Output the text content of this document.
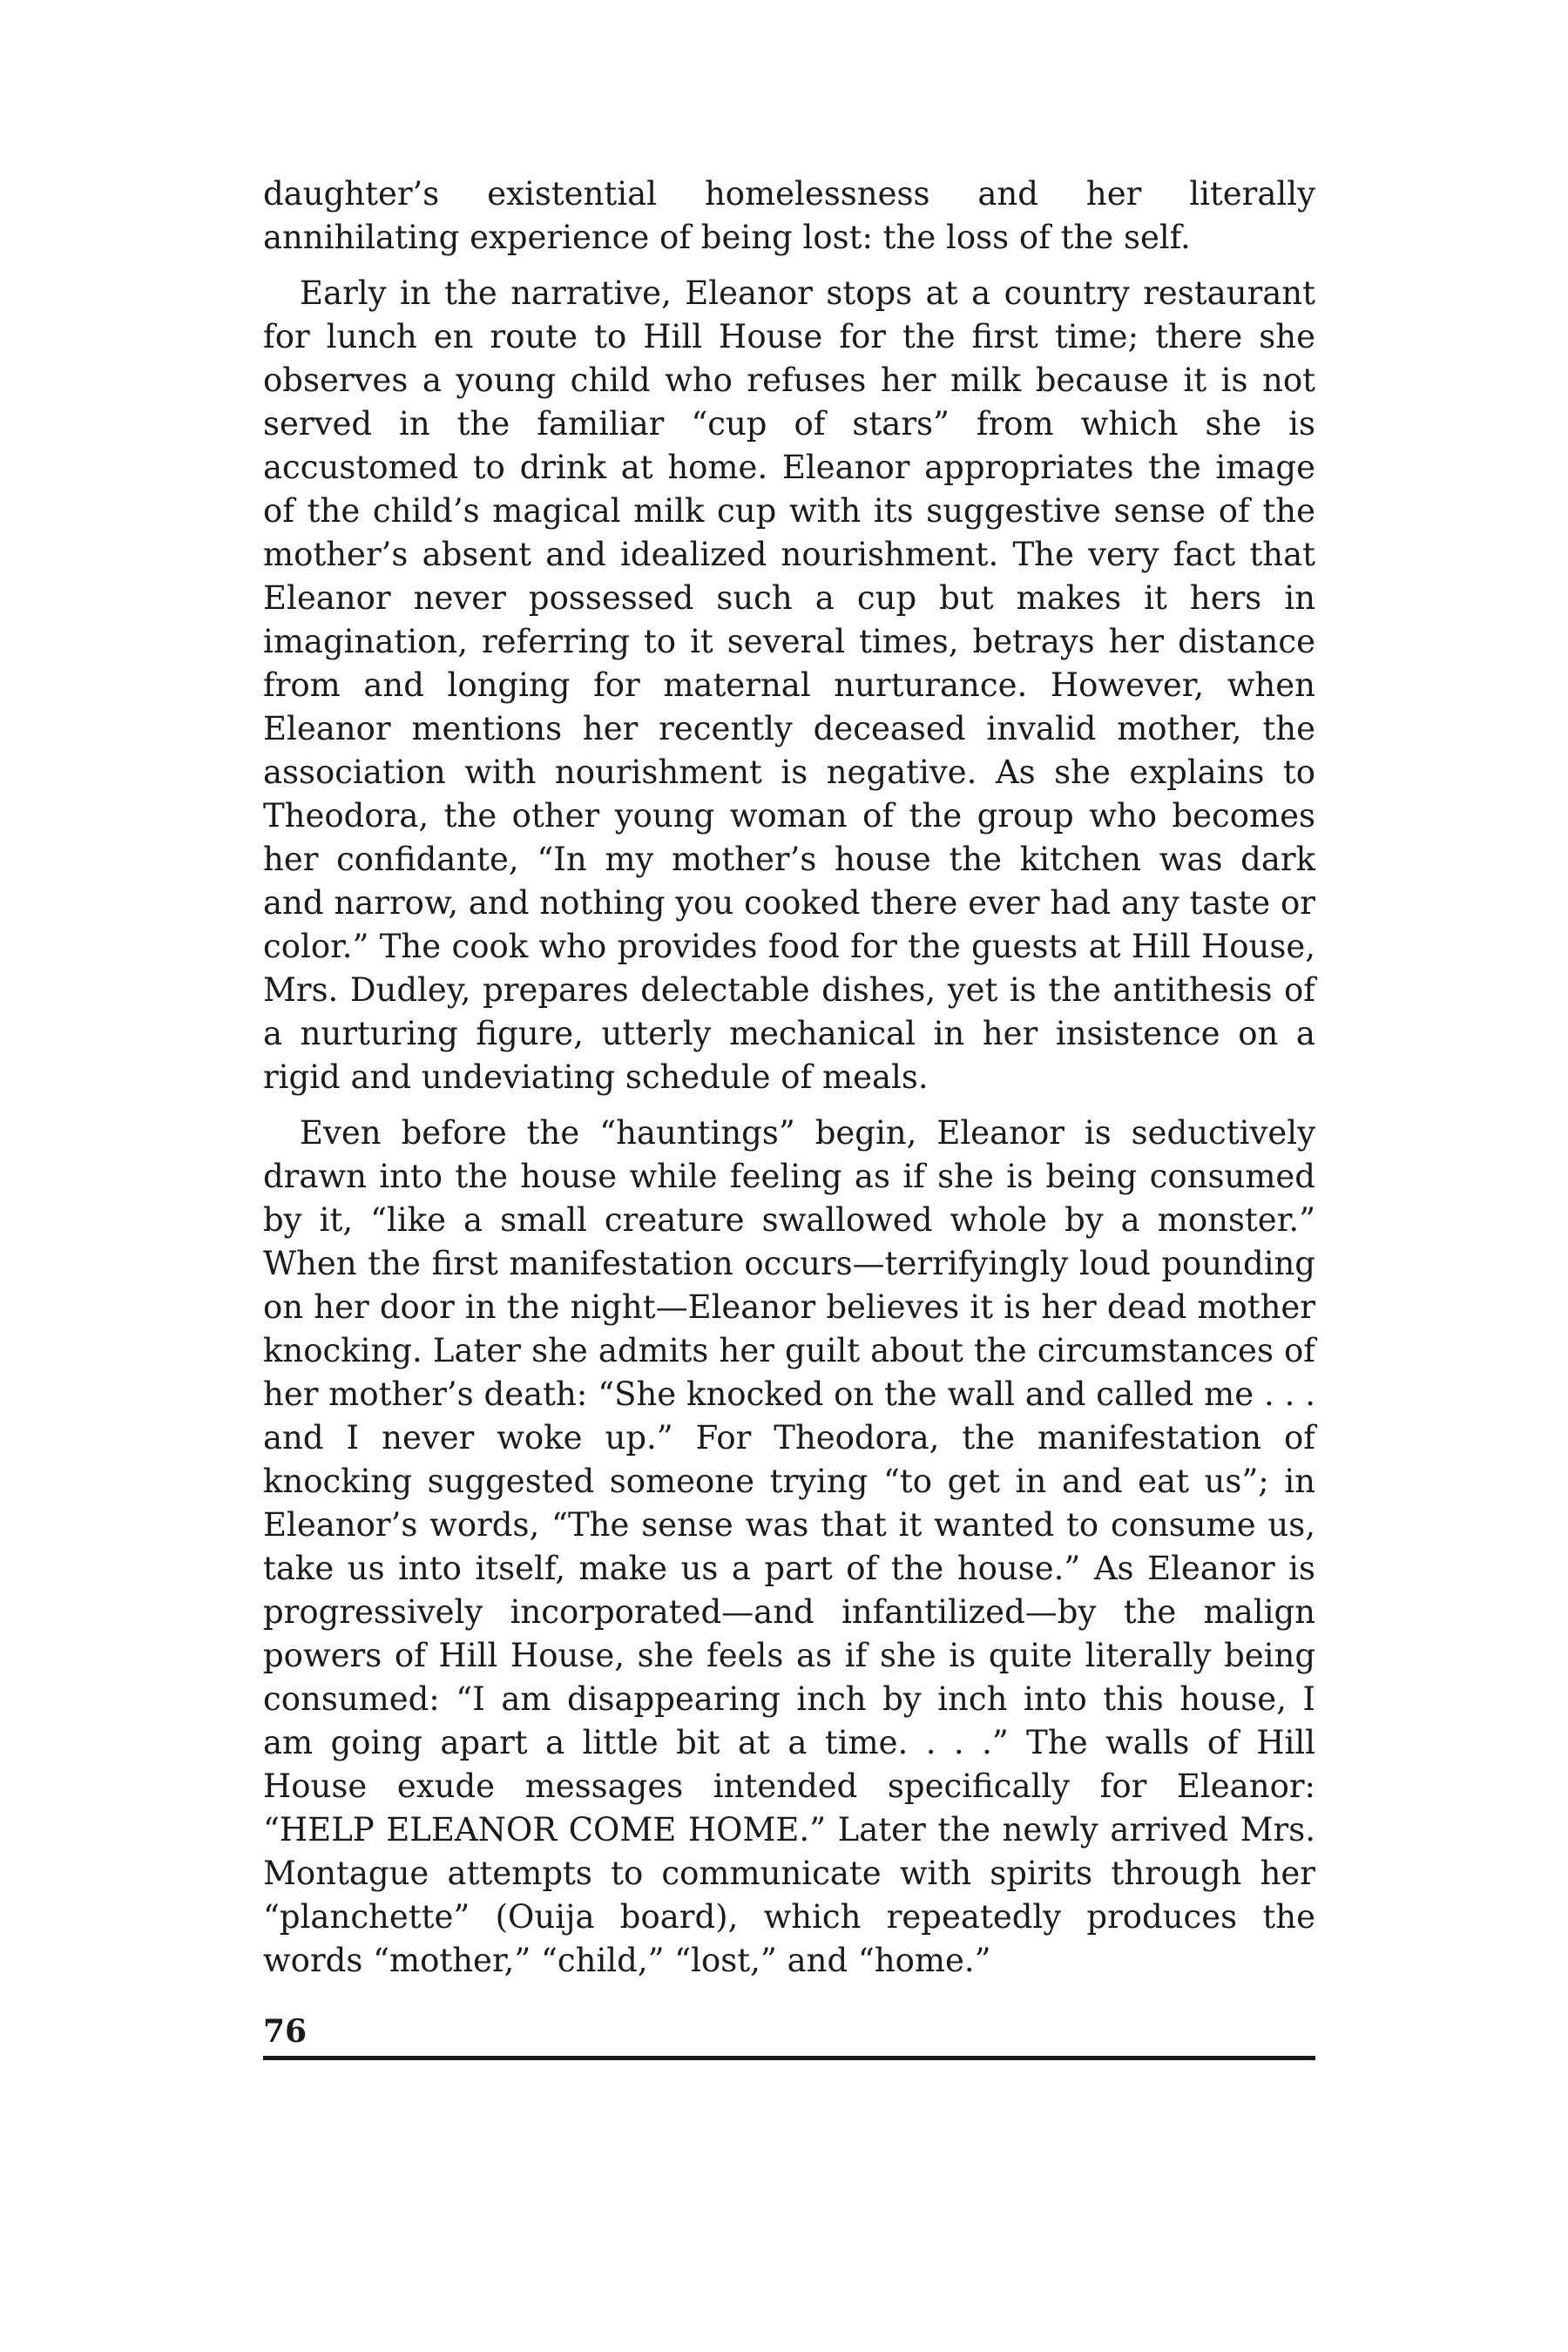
daughter’s existential homelessness and her literally annihilating experience of being lost: the loss of the self.

Early in the narrative, Eleanor stops at a country restaurant for lunch en route to Hill House for the first time; there she observes a young child who refuses her milk because it is not served in the familiar “cup of stars” from which she is accustomed to drink at home. Eleanor appropriates the image of the child’s magical milk cup with its suggestive sense of the mother’s absent and idealized nourishment. The very fact that Eleanor never possessed such a cup but makes it hers in imagination, referring to it several times, betrays her distance from and longing for maternal nurturance. However, when Eleanor mentions her recently deceased invalid mother, the association with nourishment is negative. As she explains to Theodora, the other young woman of the group who becomes her confidante, “In my mother’s house the kitchen was dark and narrow, and nothing you cooked there ever had any taste or color.” The cook who provides food for the guests at Hill House, Mrs. Dudley, prepares delectable dishes, yet is the antithesis of a nurturing figure, utterly mechanical in her insistence on a rigid and undeviating schedule of meals.

Even before the “hauntings” begin, Eleanor is seductively drawn into the house while feeling as if she is being consumed by it, “like a small creature swallowed whole by a monster.” When the first manifestation occurs—terrifyingly loud pounding on her door in the night—Eleanor believes it is her dead mother knocking. Later she admits her guilt about the circumstances of her mother’s death: “She knocked on the wall and called me . . . and I never woke up.” For Theodora, the manifestation of knocking suggested someone trying “to get in and eat us”; in Eleanor’s words, “The sense was that it wanted to consume us, take us into itself, make us a part of the house.” As Eleanor is progressively incorporated—and infantilized—by the malign powers of Hill House, she feels as if she is quite literally being consumed: “I am disappearing inch by inch into this house, I am going apart a little bit at a time. . . .” The walls of Hill House exude messages intended specifically for Eleanor: “HELP ELEANOR COME HOME.” Later the newly arrived Mrs. Montague attempts to communicate with spirits through her “planchette” (Ouija board), which repeatedly produces the words “mother,” “child,” “lost,” and “home.”

76
